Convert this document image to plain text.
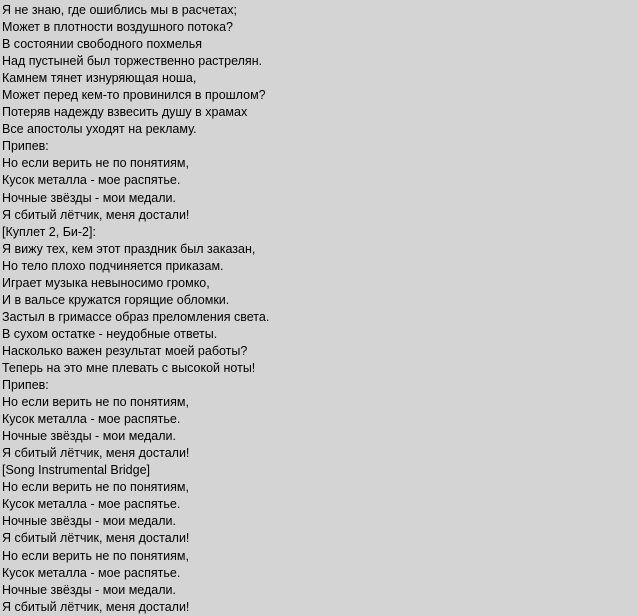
Я не знаю, где ошиблись мы в расчетах;
Может в плотности воздушного потока?
В состоянии свободного похмелья
Над пустыней был торжественно растрелян.
Камнем тянет изнуряющая ноша,
Может перед кем-то провинился в прошлом?
Потеряв надежду взвесить душу в храмах
Все апостолы уходят на рекламу.
Припев:
Но если верить не по понятиям,
Кусок металла - мое распятье.
Ночные звёзды - мои медали.
Я сбитый лётчик, меня достали!
[Куплет 2, Би-2]:
Я вижу тех, кем этот праздник был заказан,
Но тело плохо подчиняется приказам.
Играет музыка невыносимо громко,
И в вальсе кружатся горящие обломки.
Застыл в гримассе образ преломления света.
В сухом остатке - неудобные ответы.
Насколько важен результат моей работы?
Теперь на это мне плевать с высокой ноты!
Припев:
Но если верить не по понятиям,
Кусок металла - мое распятье.
Ночные звёзды - мои медали.
Я сбитый лётчик, меня достали!
[Song Instrumental Bridge]
Но если верить не по понятиям,
Кусок металла - мое распятье.
Ночные звёзды - мои медали.
Я сбитый лётчик, меня достали!
Но если верить не по понятиям,
Кусок металла - мое распятье.
Ночные звёзды - мои медали.
Я сбитый лётчик, меня достали!
